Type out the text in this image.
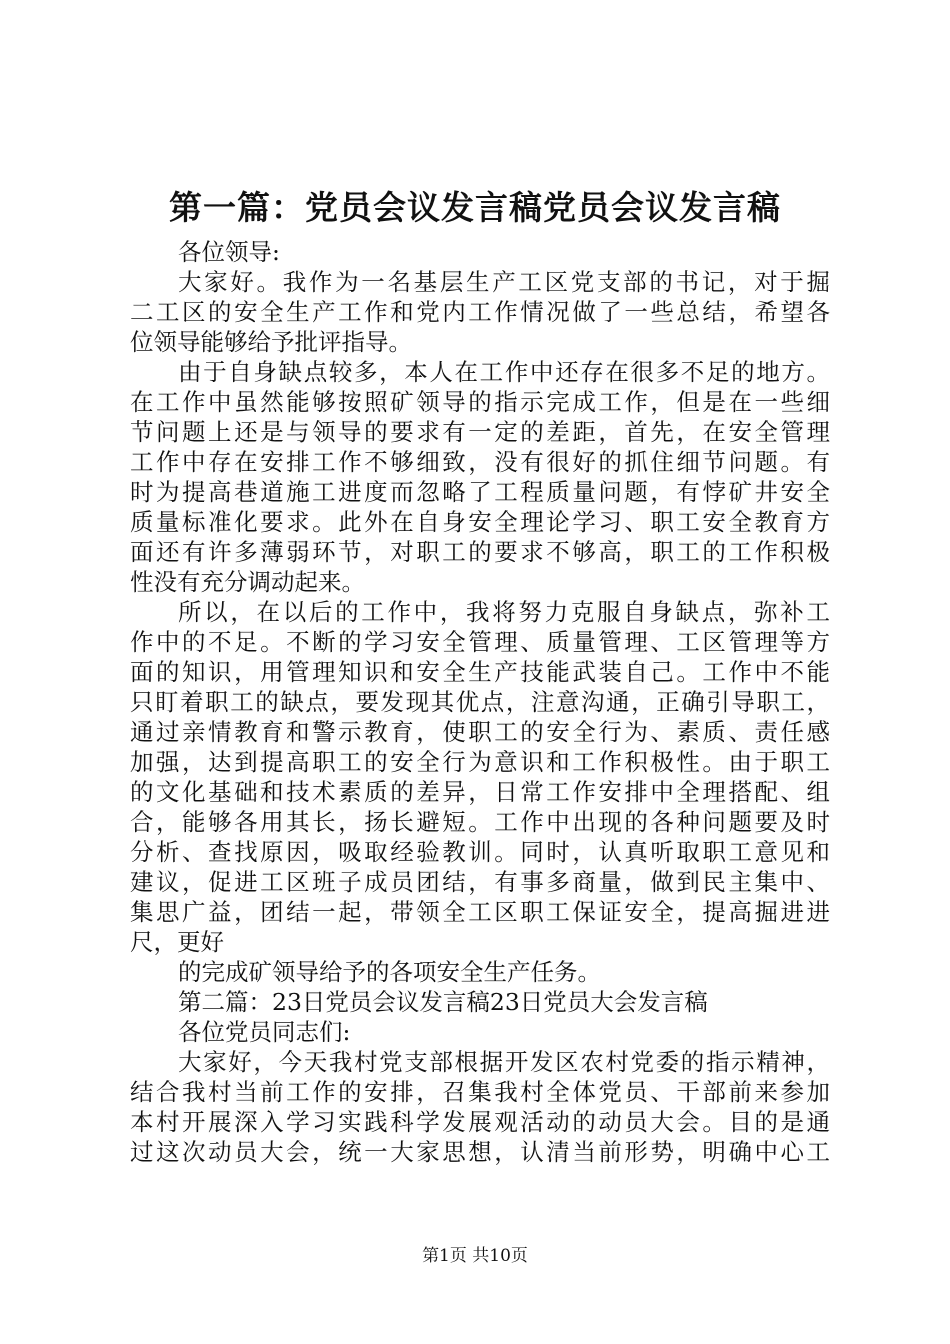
第一篇：党员会议发言稿党员会议发言稿
各位领导:
大家好。我作为一名基层生产工区党支部的书记，对于掘
二工区的安全生产工作和党内工作情况做了一些总结，希望各
位领导能够给予批评指导。
由于自身缺点较多，本人在工作中还存在很多不足的地方。
在工作中虽然能够按照矿领导的指示完成工作，但是在一些细
节问题上还是与领导的要求有一定的差距，首先，在安全管理
工作中存在安排工作不够细致，没有很好的抓住细节问题。有
时为提高巷道施工进度而忽略了工程质量问题，有悖矿井安全
质量标准化要求。此外在自身安全理论学习、职工安全教育方
面还有许多薄弱环节，对职工的要求不够高，职工的工作积极
性没有充分调动起来。
所以，在以后的工作中，我将努力克服自身缺点，弥补工
作中的不足。不断的学习安全管理、质量管理、工区管理等方
面的知识，用管理知识和安全生产技能武装自己。工作中不能
只盯着职工的缺点，要发现其优点，注意沟通，正确引导职工，
通过亲情教育和警示教育，使职工的安全行为、素质、责任感
加强，达到提高职工的安全行为意识和工作积极性。由于职工
的文化基础和技术素质的差异，日常工作安排中全理搭配、组
合，能够各用其长，扬长避短。工作中出现的各种问题要及时
分析、查找原因，吸取经验教训。同时，认真听取职工意见和
建议，促进工区班子成员团结，有事多商量，做到民主集中、
集思广益，团结一起，带领全工区职工保证安全，提高掘进进
尺，更好
的完成矿领导给予的各项安全生产任务。
第二篇：23日党员会议发言稿23日党员大会发言稿
各位党员同志们:
大家好，今天我村党支部根据开发区农村党委的指示精神，
结合我村当前工作的安排，召集我村全体党员、干部前来参加
本村开展深入学习实践科学发展观活动的动员大会。目的是通
过这次动员大会，统一大家思想，认清当前形势，明确中心工
第1页 共10页
